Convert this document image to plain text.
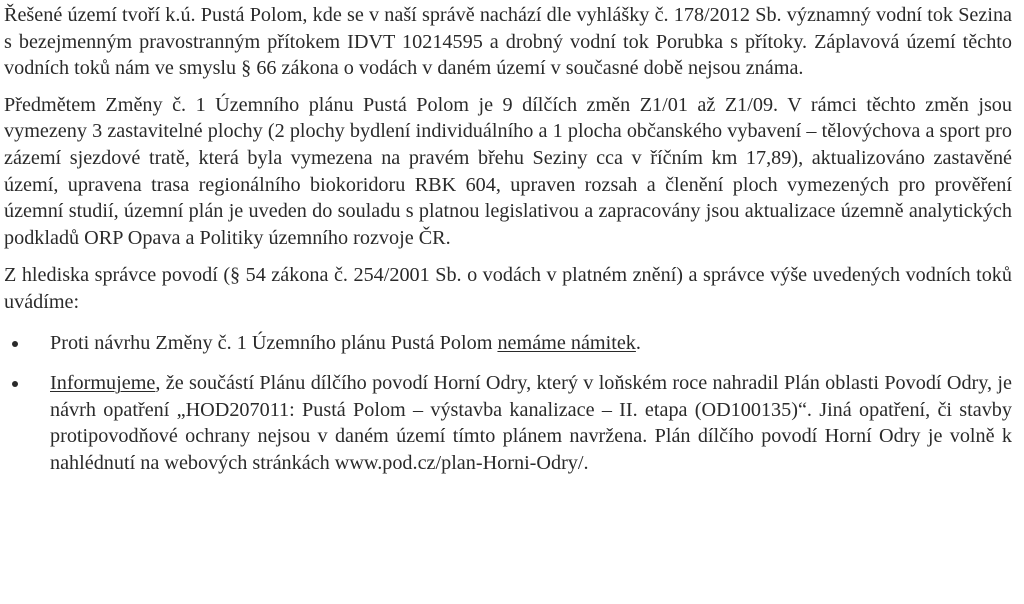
Řešené území tvoří k.ú. Pustá Polom, kde se v naší správě nachází dle vyhlášky č. 178/2012 Sb. významný vodní tok Sezina s bezejmenným pravostranným přítokem IDVT 10214595 a drobný vodní tok Porubka s přítoky. Záplavová území těchto vodních toků nám ve smyslu § 66 zákona o vodách v daném území v současné době nejsou známa.

Předmětem Změny č. 1 Územního plánu Pustá Polom je 9 dílčích změn Z1/01 až Z1/09. V rámci těchto změn jsou vymezeny 3 zastavitelné plochy (2 plochy bydlení individuálního a 1 plocha občanského vybavení – tělovýchova a sport pro zázemí sjezdové tratě, která byla vymezena na pravém břehu Seziny cca v říčním km 17,89), aktualizováno zastavěné území, upravena trasa regionálního biokoridoru RBK 604, upraven rozsah a členění ploch vymezených pro prověření územní studií, územní plán je uveden do souladu s platnou legislativou a zapracovány jsou aktualizace územně analytických podkladů ORP Opava a Politiky územního rozvoje ČR.

Z hlediska správce povodí (§ 54 zákona č. 254/2001 Sb. o vodách v platném znění) a správce výše uvedených vodních toků uvádíme:

Proti návrhu Změny č. 1 Územního plánu Pustá Polom nemáme námitek.
Informujeme, že součástí Plánu dílčího povodí Horní Odry, který v loňském roce nahradil Plán oblasti Povodí Odry, je návrh opatření „HOD207011: Pustá Polom – výstavba kanalizace – II. etapa (OD100135)“. Jiná opatření, či stavby protipovodňové ochrany nejsou v daném území tímto plánem navržena. Plán dílčího povodí Horní Odry je volně k nahlédnutí na webových stránkách www.pod.cz/plan-Horni-Odry/.
